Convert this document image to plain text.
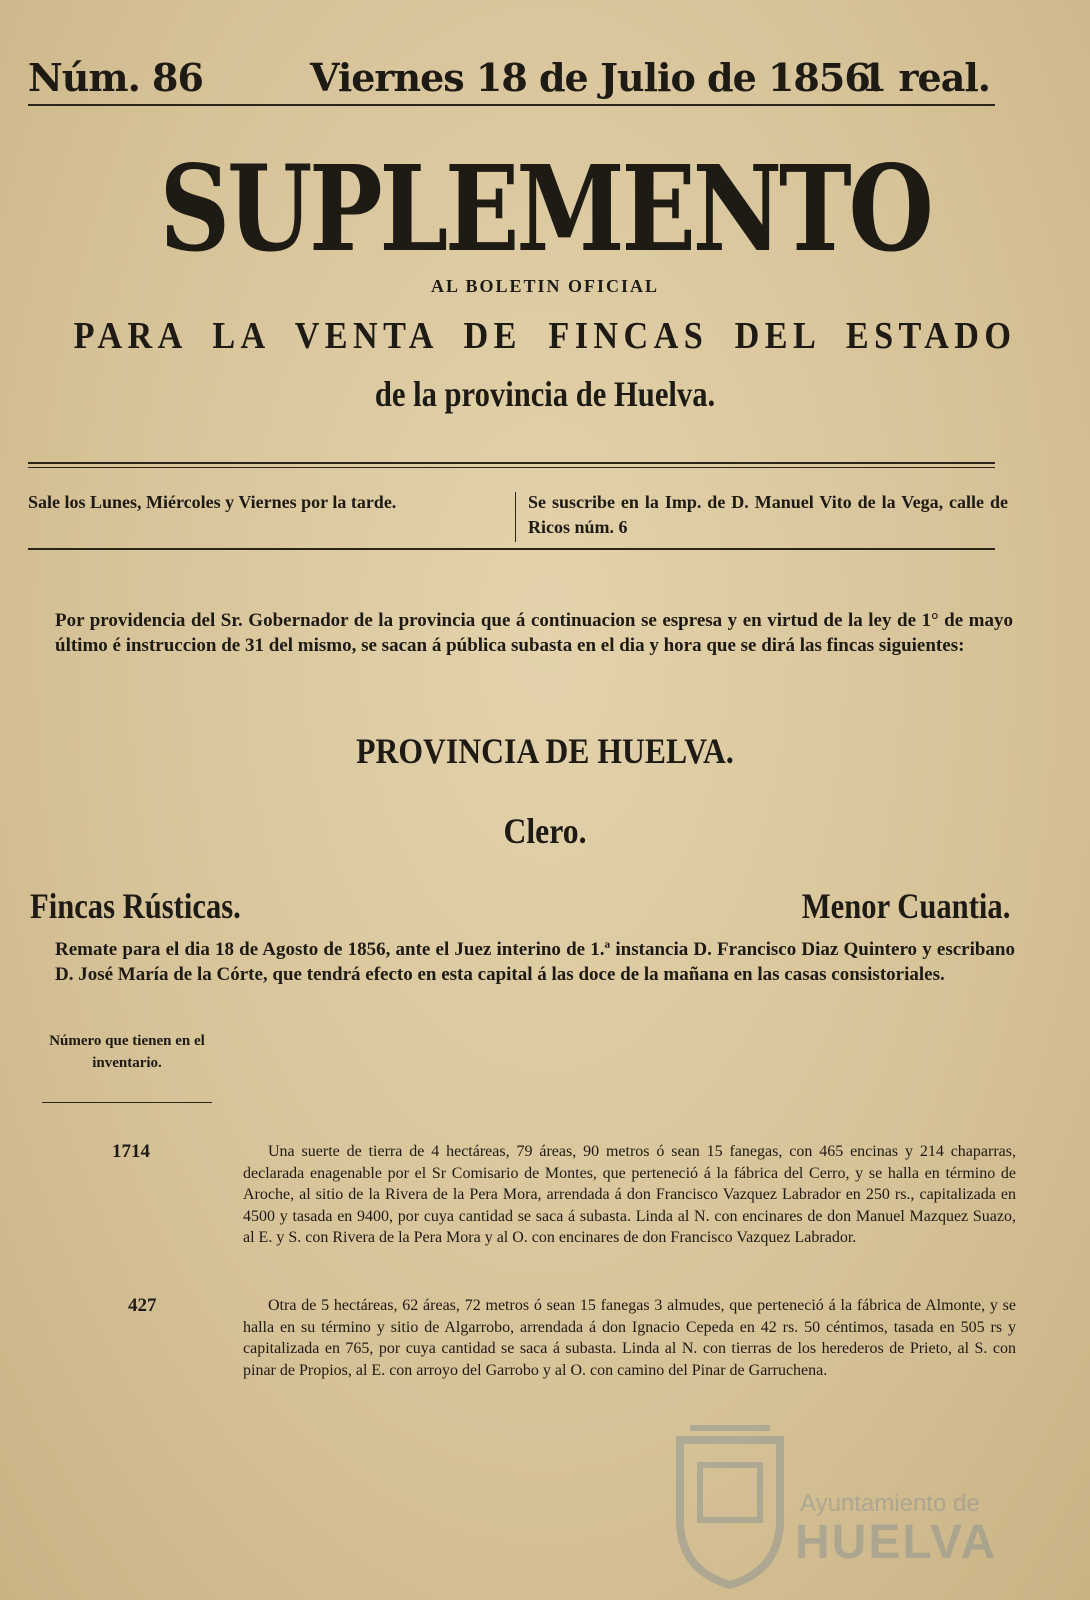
Núm. 86	Viernes 18 de Julio de 1856.
1 real.
SUPLEMENTO
AL BOLETIN OFICIAL
PARA LA VENTA DE FINCAS DEL ESTADO
de la provincia de Huelva.
Sale los Lunes, Miércoles y Viernes por la tarde.	Se suscribe en la Imp. de D. Manuel Vito de la Vega, calle de Ricos núm. 6
Por providencia del Sr. Gobernador de la provincia que á continuacion se espresa y en virtud de la ley de 1° de mayo último é instruccion de 31 del mismo, se sacan á pública subasta en el dia y hora que se dirá las fincas siguientes:
PROVINCIA DE HUELVA.
Clero.
Fincas Rústicas.	Menor Cuantia.
Remate para el dia 18 de Agosto de 1856, ante el Juez interino de 1.ª instancia D. Francisco Diaz Quintero y escribano D. José María de la Córte, que tendrá efecto en esta capital á las doce de la mañana en las casas consistoriales.
Número que tienen en el inventario.
1714	Una suerte de tierra de 4 hectáreas, 79 áreas, 90 metros ó sean 15 fanegas, con 465 encinas y 214 chaparras, declarada enagenable por el Sr Comisario de Montes, que perteneció á la fábrica del Cerro, y se halla en término de Aroche, al sitio de la Rivera de la Pera Mora, arrendada á don Francisco Vazquez Labrador en 250 rs., capitalizada en 4500 y tasada en 9400, por cuya cantidad se saca á subasta. Linda al N. con encinares de don Manuel Mazquez Suazo, al E. y S. con Rivera de la Pera Mora y al O. con encinares de don Francisco Vazquez Labrador.
427	Otra de 5 hectáreas, 62 áreas, 72 metros ó sean 15 fanegas 3 almudes, que perteneció á la fábrica de Almonte, y se halla en su término y sitio de Algarrobo, arrendada á don Ignacio Cepeda en 42 rs. 50 céntimos, tasada en 505 rs y capitalizada en 765, por cuya cantidad se saca á subasta. Linda al N. con tierras de los herederos de Prieto, al S. con pinar de Propios, al E. con arroyo del Garrobo y al O. con camino del Pinar de Garruchena.
Ayuntamiento de
HUELVA
